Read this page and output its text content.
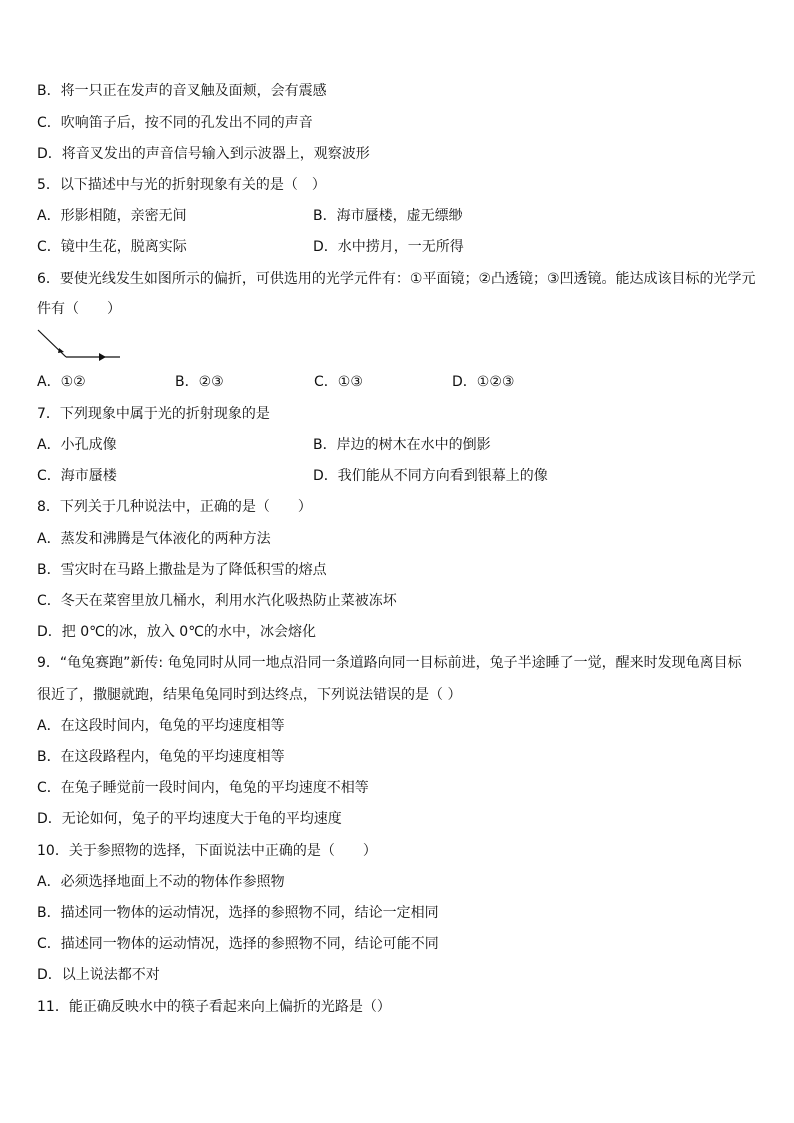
B．将一只正在发声的音叉触及面颊，会有震感
C．吹响笛子后，按不同的孔发出不同的声音
D．将音叉发出的声音信号输入到示波器上，观察波形
5．以下描述中与光的折射现象有关的是（　）
A．形影相随，亲密无间	B．海市蜃楼，虚无缥缈
C．镜中生花，脱离实际	D．水中捞月，一无所得
6．要使光线发生如图所示的偏折，可供选用的光学元件有：①平面镜；②凸透镜；③凹透镜。能达成该目标的光学元
件有（　　）
A．①②	B．②③	C．①③	D．①②③
7．下列现象中属于光的折射现象的是
A．小孔成像	B．岸边的树木在水中的倒影
C．海市蜃楼	D．我们能从不同方向看到银幕上的像
8．下列关于几种说法中，正确的是（　　）
A．蒸发和沸腾是气体液化的两种方法
B．雪灾时在马路上撒盐是为了降低积雪的熔点
C．冬天在菜窖里放几桶水，利用水汽化吸热防止菜被冻坏
D．把 0℃的冰，放入 0℃的水中，冰会熔化
9．“龟兔赛跑”新传: 龟兔同时从同一地点沿同一条道路向同一目标前进，兔子半途睡了一觉，醒来时发现龟离目标
很近了，撒腿就跑，结果龟兔同时到达终点，下列说法错误的是（ ）
A．在这段时间内，龟兔的平均速度相等
B．在这段路程内，龟兔的平均速度相等
C．在兔子睡觉前一段时间内，龟兔的平均速度不相等
D．无论如何，兔子的平均速度大于龟的平均速度
10．关于参照物的选择，下面说法中正确的是（　　）
A．必须选择地面上不动的物体作参照物
B．描述同一物体的运动情况，选择的参照物不同，结论一定相同
C．描述同一物体的运动情况，选择的参照物不同，结论可能不同
D．以上说法都不对
11．能正确反映水中的筷子看起来向上偏折的光路是（）
